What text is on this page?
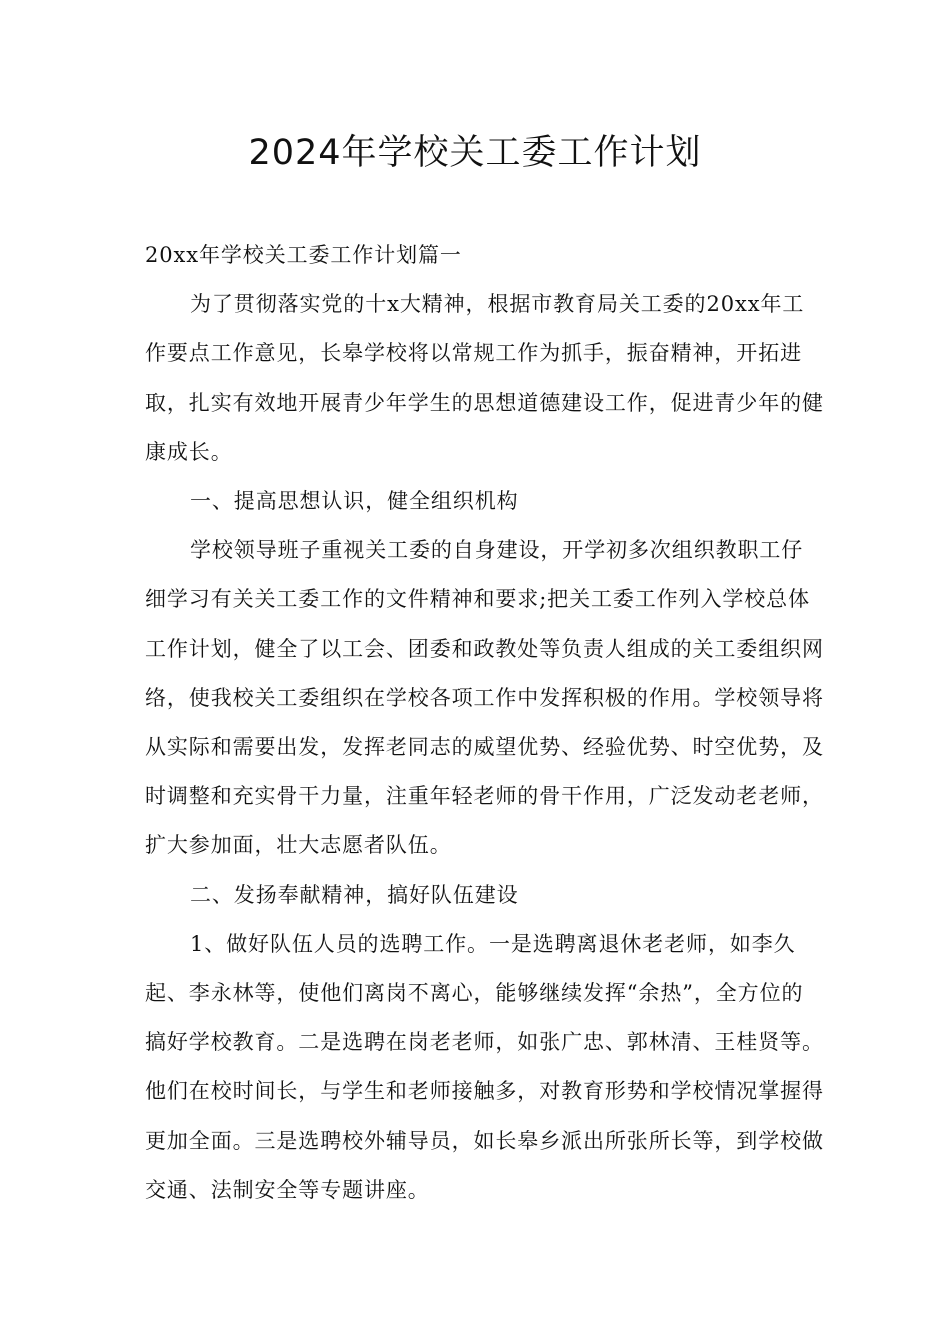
2024年学校关工委工作计划

20xx年学校关工委工作计划篇一

为了贯彻落实党的十x大精神，根据市教育局关工委的20xx年工作要点工作意见，长皋学校将以常规工作为抓手，振奋精神，开拓进取，扎实有效地开展青少年学生的思想道德建设工作，促进青少年的健康成长。

一、提高思想认识，健全组织机构

学校领导班子重视关工委的自身建设，开学初多次组织教职工仔细学习有关关工委工作的文件精神和要求;把关工委工作列入学校总体工作计划，健全了以工会、团委和政教处等负责人组成的关工委组织网络，使我校关工委组织在学校各项工作中发挥积极的作用。学校领导将从实际和需要出发，发挥老同志的威望优势、经验优势、时空优势，及时调整和充实骨干力量，注重年轻老师的骨干作用，广泛发动老老师，扩大参加面，壮大志愿者队伍。

二、发扬奉献精神，搞好队伍建设

1、做好队伍人员的选聘工作。一是选聘离退休老老师，如李久起、李永林等，使他们离岗不离心，能够继续发挥“余热”，全方位的搞好学校教育。二是选聘在岗老老师，如张广忠、郭林清、王桂贤等。他们在校时间长，与学生和老师接触多，对教育形势和学校情况掌握得更加全面。三是选聘校外辅导员，如长皋乡派出所张所长等，到学校做交通、法制安全等专题讲座。
